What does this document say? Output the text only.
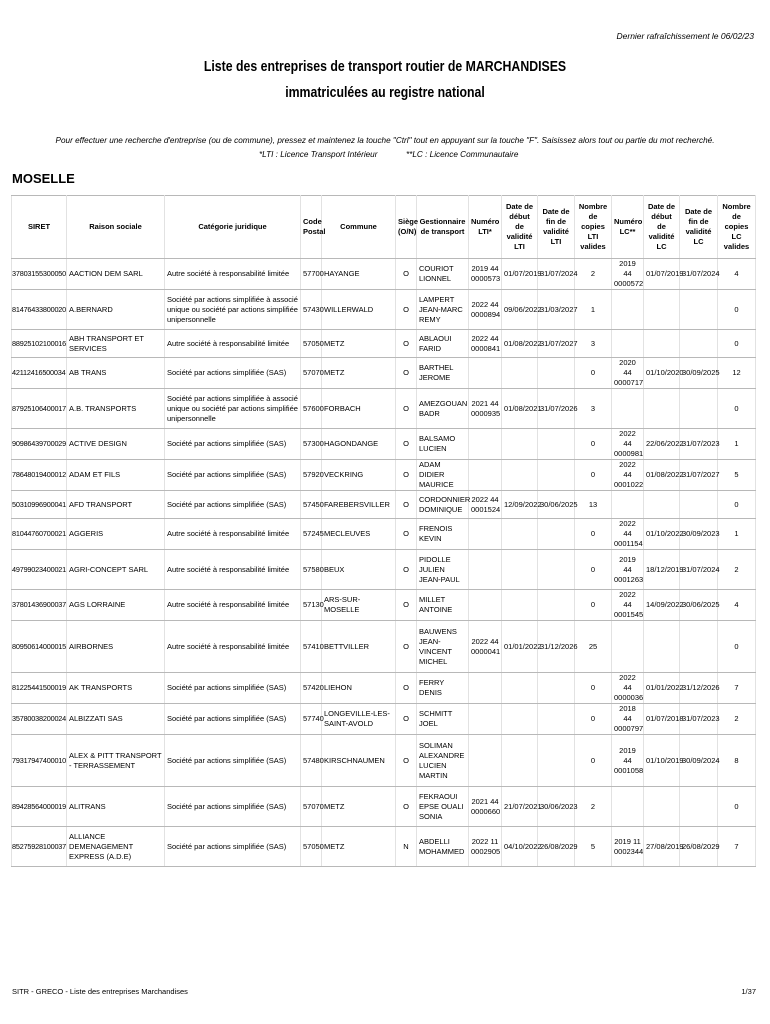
Dernier rafraîchissement le 06/02/23
Liste des entreprises de transport routier de MARCHANDISES
immatriculées au registre national
Pour effectuer une recherche d'entreprise (ou de commune), pressez et maintenez la touche "Ctrl" tout en appuyant sur la touche "F". Saisissez alors tout ou partie du mot recherché.
*LTI : Licence Transport Intérieur	**LC : Licence Communautaire
MOSELLE
SIRET	Raison sociale	Catégorie juridique	Code Postal	Commune	Siège (O/N)	Gestionnaire de transport	Numéro LTI*	Date de début de validité LTI	Date de fin de validité LTI	Nombre de copies LTI valides	Numéro LC**	Date de début de validité LC	Date de fin de validité LC	Nombre de copies LC valides
37803155300050	AACTION DEM SARL	Autre société à responsabilité limitée	57700	HAYANGE	O	COURIOT LIONNEL	2019 44 0000573	01/07/2019	31/07/2024	2	2019 44 0000572	01/07/2019	31/07/2024	4
81476433800020	A.BERNARD	Société par actions simplifiée à associé unique ou société par actions simplifiée unipersonnelle	57430	WILLERWALD	O	LAMPERT JEAN-MARC REMY	2022 44 0000894	09/06/2022	31/03/2027	1				0
88925102100016	ABH TRANSPORT ET SERVICES	Autre société à responsabilité limitée	57050	METZ	O	ABLAOUI FARID	2022 44 0000841	01/08/2022	31/07/2027	3				0
42112416500034	AB TRANS	Société par actions simplifiée (SAS)	57070	METZ	O	BARTHEL JEROME				0	2020 44 0000717	01/10/2020	30/09/2025	12
87925106400017	A.B. TRANSPORTS	Société par actions simplifiée à associé unique ou société par actions simplifiée unipersonnelle	57600	FORBACH	O	AMEZGOUAN BADR	2021 44 0000935	01/08/2021	31/07/2026	3				0
90986439700029	ACTIVE DESIGN	Société par actions simplifiée (SAS)	57300	HAGONDANGE	O	BALSAMO LUCIEN				0	2022 44 0000981	22/06/2022	31/07/2023	1
78648019400012	ADAM ET FILS	Société par actions simplifiée (SAS)	57920	VECKRING	O	ADAM DIDIER MAURICE				0	2022 44 0001022	01/08/2022	31/07/2027	5
50310996900041	AFD TRANSPORT	Société par actions simplifiée (SAS)	57450	FAREBERSVILLER	O	CORDONNIER DOMINIQUE	2022 44 0001524	12/09/2022	30/06/2025	13				0
81044760700021	AGGERIS	Autre société à responsabilité limitée	57245	MECLEUVES	O	FRENOIS KEVIN				0	2022 44 0001154	01/10/2022	30/09/2023	1
49799023400021	AGRI-CONCEPT SARL	Autre société à responsabilité limitée	57580	BEUX	O	PIDOLLE JULIEN JEAN-PAUL				0	2019 44 0001263	18/12/2019	31/07/2024	2
37801436900037	AGS LORRAINE	Autre société à responsabilité limitée	57130	ARS-SUR-MOSELLE	O	MILLET ANTOINE				0	2022 44 0001545	14/09/2022	30/06/2025	4
80950614000015	AIRBORNES	Autre société à responsabilité limitée	57410	BETTVILLER	O	BAUWENS JEAN-VINCENT MICHEL	2022 44 0000041	01/01/2022	31/12/2026	25				0
81225441500019	AK TRANSPORTS	Société par actions simplifiée (SAS)	57420	LIEHON	O	FERRY DENIS				0	2022 44 0000036	01/01/2022	31/12/2026	7
35780038200024	ALBIZZATI SAS	Société par actions simplifiée (SAS)	57740	LONGEVILLE-LES-SAINT-AVOLD	O	SCHMITT JOEL				0	2018 44 0000797	01/07/2018	31/07/2023	2
79317947400010	ALEX & PITT TRANSPORT - TERRASSEMENT	Société par actions simplifiée (SAS)	57480	KIRSCHNAUMEN	O	SOLIMAN ALEXANDRE LUCIEN MARTIN				0	2019 44 0001058	01/10/2019	30/09/2024	8
89428564000019	ALITRANS	Société par actions simplifiée (SAS)	57070	METZ	O	FEKRAOUI EPSE OUALI SONIA	2021 44 0000660	21/07/2021	30/06/2023	2				0
85275928100037	ALLIANCE DEMENAGEMENT EXPRESS (A.D.E)	Société par actions simplifiée (SAS)	57050	METZ	N	ABDELLI MOHAMMED	2022 11 0002905	04/10/2022	26/08/2029	5	2019 11 0002344	27/08/2019	26/08/2029	7
SITR - GRECO - Liste des entreprises Marchandises	1/37
